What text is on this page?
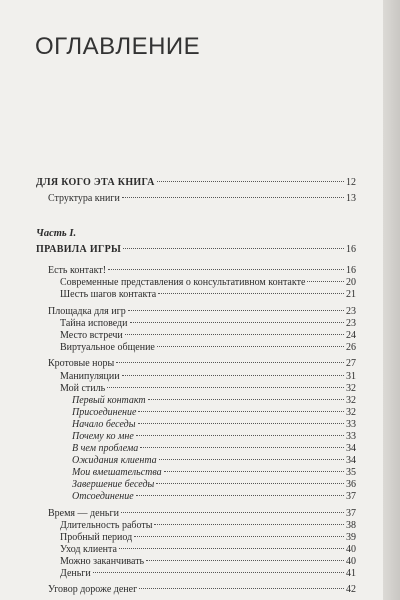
ОГЛАВЛЕНИЕ

Часть I.

ДЛЯ КОГО ЭТА КНИГА	12
Структура книги	13
ПРАВИЛА ИГРЫ	16
Есть контакт!	16
Современные представления о консультативном контакте	20
Шесть шагов контакта	21
Площадка для игр	23
Тайна исповеди	23
Место встречи	24
Виртуальное общение	26
Кротовые норы	27
Манипуляции	31
Мой стиль	32
Первый контакт	32
Присоединение	32
Начало беседы	33
Почему ко мне	33
В чем проблема	34
Ожидания клиента	34
Мои вмешательства	35
Завершение беседы	36
Отсоединение	37
Время — деньги	37
Длительность работы	38
Пробный период	39
Уход клиента	40
Можно заканчивать	40
Деньги	41
Уговор дороже денег	42
